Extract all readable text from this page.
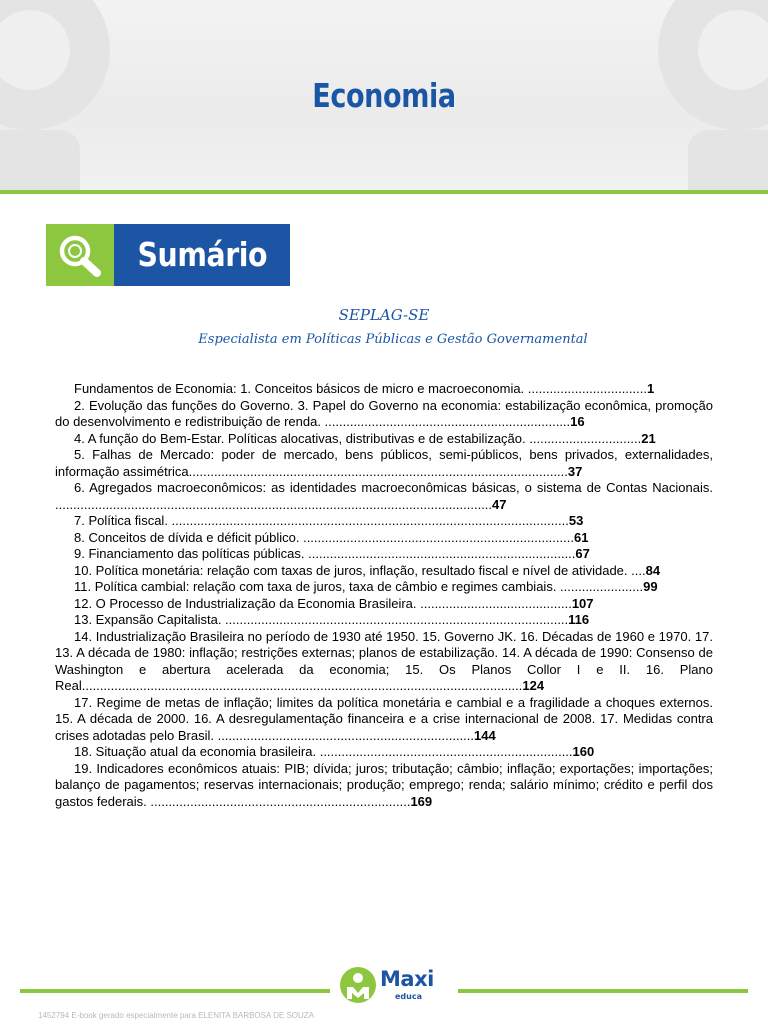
Economia
Sumário
SEPLAG-SE
Especialista em Políticas Públicas e Gestão Governamental
Fundamentos de Economia: 1. Conceitos básicos de micro e macroeconomia. .................................1
2. Evolução das funções do Governo. 3. Papel do Governo na economia: estabilização econômica, promoção do desenvolvimento e redistribuição de renda. ....................................................................16
4. A função do Bem-Estar. Políticas alocativas, distributivas e de estabilização. ...............................21
5. Falhas de Mercado: poder de mercado, bens públicos, semi-públicos, bens privados, externalidades, informação assimétrica.........................................................................................................37
6. Agregados macroeconômicos: as identidades macroeconômicas básicas, o sistema de Contas Nacionais. .........................................................................................................................47
7. Política fiscal. ..............................................................................................................53
8. Conceitos de dívida e déficit público. ...........................................................................61
9. Financiamento das políticas públicas. ..........................................................................67
10. Política monetária: relação com taxas de juros, inflação, resultado fiscal e nível de atividade. ....84
11. Política cambial: relação com taxa de juros, taxa de câmbio e regimes cambiais. .......................99
12. O Processo de Industrialização da Economia Brasileira. ..........................................107
13. Expansão Capitalista. ...............................................................................................116
14. Industrialização Brasileira no período de 1930 até 1950. 15. Governo JK. 16. Décadas de 1960 e 1970. 17. 13. A década de 1980: inflação; restrições externas; planos de estabilização. 14. A década de 1990: Consenso de Washington e abertura acelerada da economia; 15. Os Planos Collor I e II. 16. Plano Real..........................................................................................................................124
17. Regime de metas de inflação; limites da política monetária e cambial e a fragilidade a choques externos. 15. A década de 2000. 16. A desregulamentação financeira e a crise internacional de 2008. 17. Medidas contra crises adotadas pelo Brasil. .......................................................................144
18. Situação atual da economia brasileira. ......................................................................160
19. Indicadores econômicos atuais: PIB; dívida; juros; tributação; câmbio; inflação; exportações; importações; balanço de pagamentos; reservas internacionais; produção; emprego; renda; salário mínimo; crédito e perfil dos gastos federais. ........................................................................169
Maxi
educa
1452794 E-book gerado especialmente para ELENITA BARBOSA DE SOUZA
